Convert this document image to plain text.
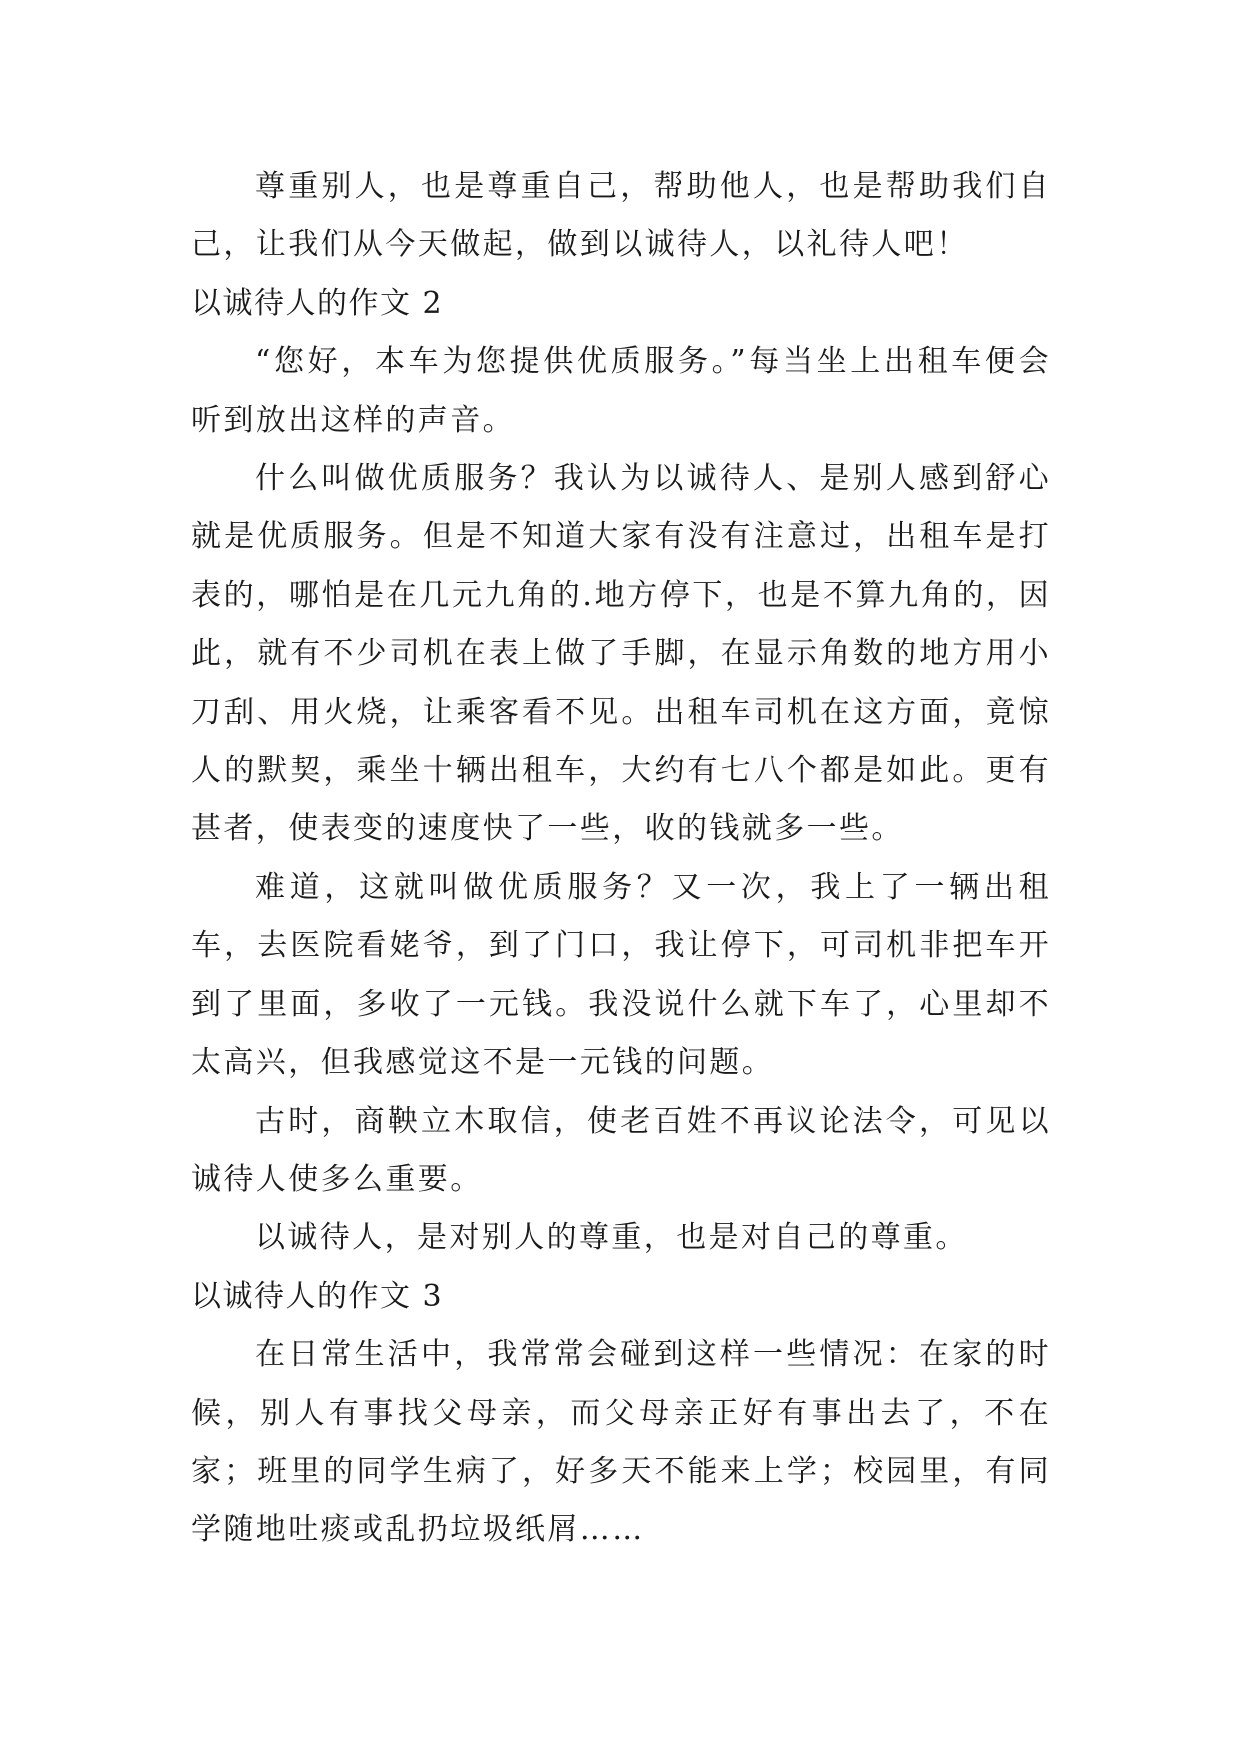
尊重别人，也是尊重自己，帮助他人，也是帮助我们自己，让我们从今天做起，做到以诚待人，以礼待人吧！

以诚待人的作文 2

“您好，本车为您提供优质服务。”每当坐上出租车便会听到放出这样的声音。

什么叫做优质服务？我认为以诚待人、是别人感到舒心就是优质服务。但是不知道大家有没有注意过，出租车是打表的，哪怕是在几元九角的.地方停下，也是不算九角的，因此，就有不少司机在表上做了手脚，在显示角数的地方用小刀刮、用火烧，让乘客看不见。出租车司机在这方面，竟惊人的默契，乘坐十辆出租车，大约有七八个都是如此。更有甚者，使表变的速度快了一些，收的钱就多一些。

难道，这就叫做优质服务？又一次，我上了一辆出租车，去医院看姥爷，到了门口，我让停下，可司机非把车开到了里面，多收了一元钱。我没说什么就下车了，心里却不太高兴，但我感觉这不是一元钱的问题。

古时，商鞅立木取信，使老百姓不再议论法令，可见以诚待人使多么重要。

以诚待人，是对别人的尊重，也是对自己的尊重。

以诚待人的作文 3

在日常生活中，我常常会碰到这样一些情况：在家的时候，别人有事找父母亲，而父母亲正好有事出去了，不在家；班里的同学生病了，好多天不能来上学；校园里，有同学随地吐痰或乱扔垃圾纸屑……
